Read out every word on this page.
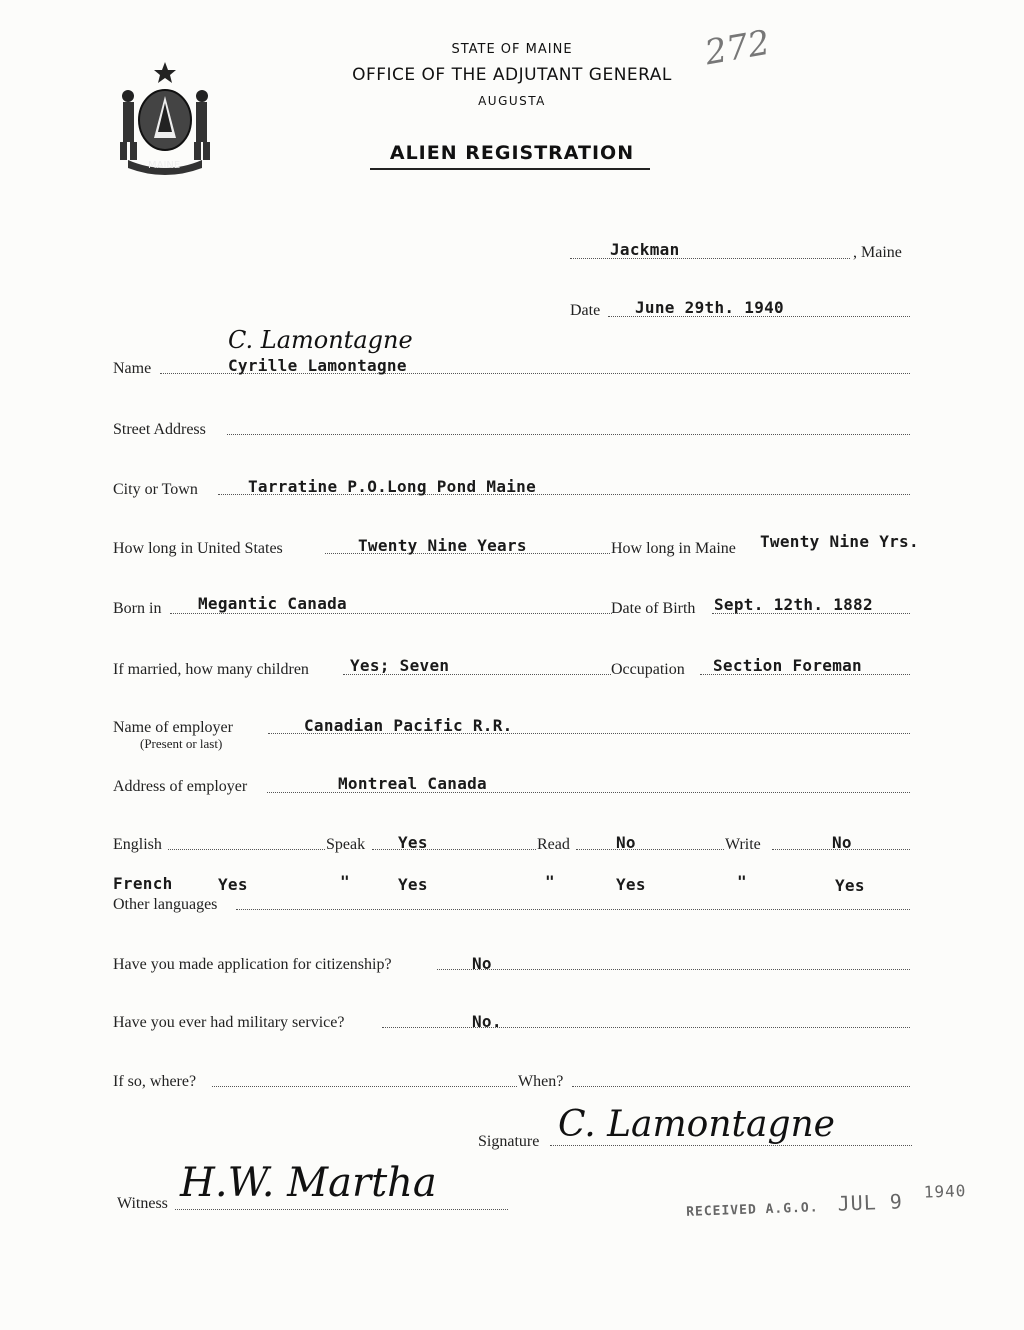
MAINE
STATE OF MAINE
OFFICE OF THE ADJUTANT GENERAL
AUGUSTA
ALIEN REGISTRATION
272
Jackman	, Maine
Date June 29th. 1940
C. Lamontagne
Name	Cyrille Lamontagne
Street Address
City or Town	Tarratine P.O.Long Pond Maine
How long in United States	Twenty Nine Years	How long in Maine Twenty Nine Yrs.
Born in Megantic Canada	Date of Birth Sept. 12th. 1882
If married, how many children	Yes; Seven	Occupation Section Foreman
Name of employer
(Present or last)
Canadian Pacific R.R.
Address of employer	Montreal Canada
English	Speak Yes	Read	No	Write	No
French	Yes	"	Yes	"	Yes	"	Yes
Other languages
Have you made application for citizenship?	No
Have you ever had military service?	No.
If so, where?	When?
Signature C. Lamontagne
Witness H.W. Martha
RECEIVED A.G.O. JUL 9 1940
